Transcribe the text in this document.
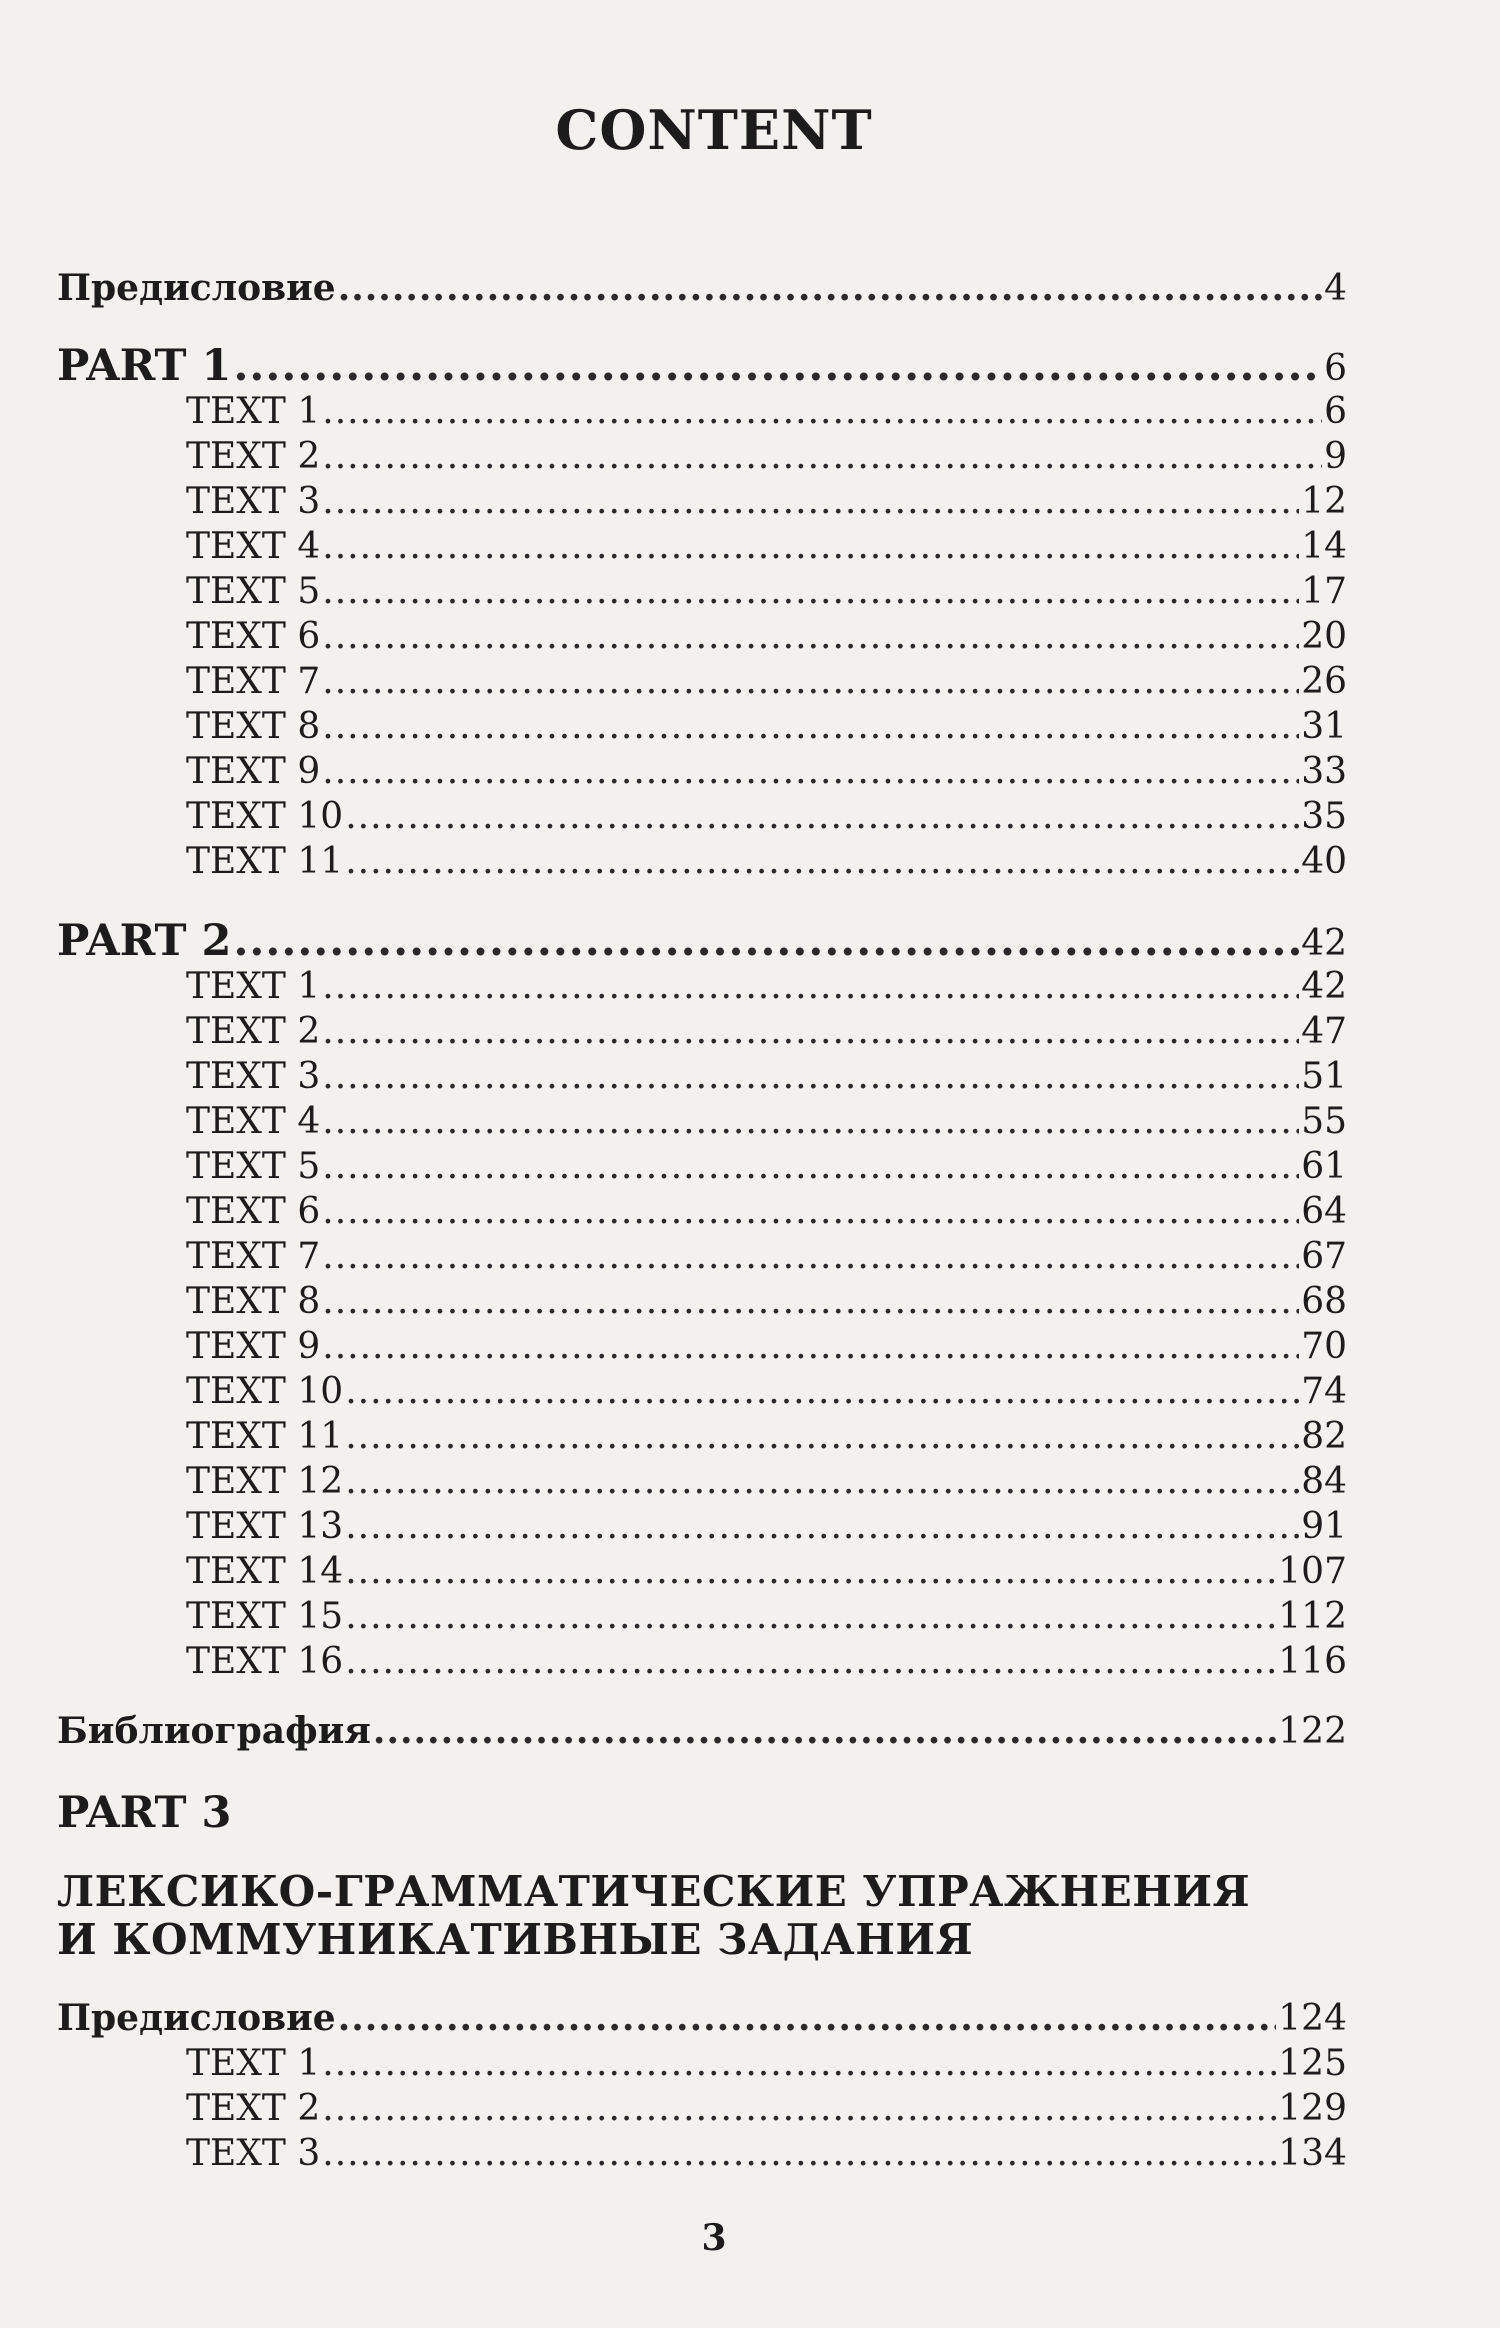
CONTENT
Предисловие .....	4
PART 1 .....	6
TEXT 1 .....	6
TEXT 2 .....	9
TEXT 3 .....	12
TEXT 4 .....	14
TEXT 5 .....	17
TEXT 6 .....	20
TEXT 7 .....	26
TEXT 8 .....	31
TEXT 9 .....	33
TEXT 10 .....	35
TEXT 11 .....	40
PART 2 .....	42
TEXT 1 .....	42
TEXT 2 .....	47
TEXT 3 .....	51
TEXT 4 .....	55
TEXT 5 .....	61
TEXT 6 .....	64
TEXT 7 .....	67
TEXT 8 .....	68
TEXT 9 .....	70
TEXT 10 .....	74
TEXT 11 .....	82
TEXT 12 .....	84
TEXT 13 .....	91
TEXT 14 .....	107
TEXT 15 .....	112
TEXT 16 .....	116
Библиография .....	122
Предисловие .....	124
TEXT 1 .....	125
TEXT 2 .....	129
TEXT 3 .....	134
PART 3
ЛЕКСИКО-ГРАММАТИЧЕСКИЕ УПРАЖНЕНИЯ
И КОММУНИКАТИВНЫЕ ЗАДАНИЯ
3
